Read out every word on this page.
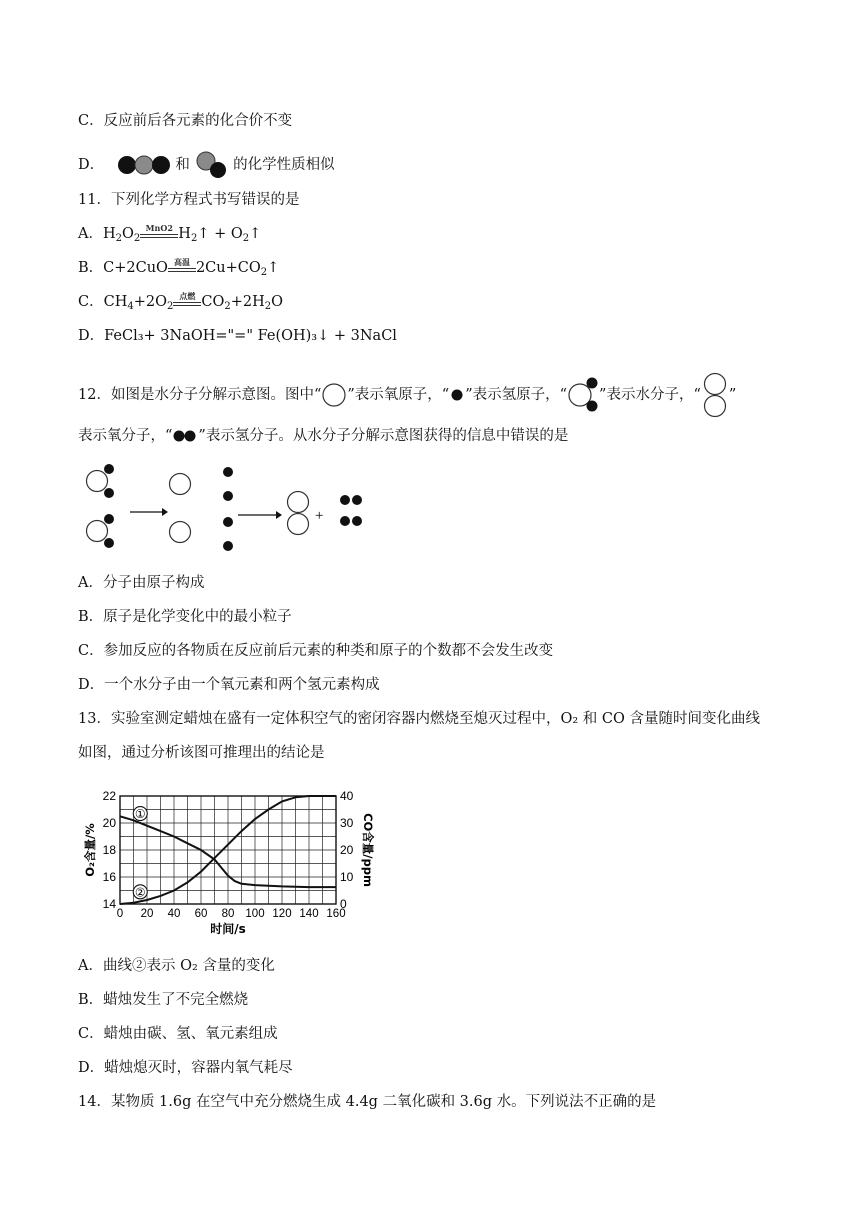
C．反应前后各元素的化合价不变
D．	和	的化学性质相似
11．下列化学方程式书写错误的是
A．$H_2O_2$
MnO2 $H_2↑$ + $O_2↑$
B．C+2CuO 高温 $2Cu+CO_2↑$
C．$CH_4+2O_2$
点燃 $CO_2+2H_2O$
D．FeCl₃+ 3NaOH="=" Fe(OH)₃↓ + 3NaCl
12．如图是水分子分解示意图。图中“ ”表示氧原子，“ ”表示氢原子，“ ”表示水分子，“ ”
表示氧分子，“ ”表示氢分子。从水分子分解示意图获得的信息中错误的是
+
A．分子由原子构成
B．原子是化学变化中的最小粒子
C．参加反应的各物质在反应前后元素的种类和原子的个数都不会发生改变
D．一个水分子由一个氧元素和两个氢元素构成
13．实验室测定蜡烛在盛有一定体积空气的密闭容器内燃烧至熄灭过程中，O₂ 和 CO 含量随时间变化曲线
如图，通过分析该图可推理出的结论是
0 20 40 60 80 100 120 140 160
14
16
18
20
22
0
10
20
30
40
时间/s
O₂含量/%	CO含量/ppm
①
②
A．曲线②表示 O₂ 含量的变化
B．蜡烛发生了不完全燃烧
C．蜡烛由碳、氢、氧元素组成
D．蜡烛熄灭时，容器内氧气耗尽
14．某物质 1.6g 在空气中充分燃烧生成 4.4g 二氧化碳和 3.6g 水。下列说法不正确的是
